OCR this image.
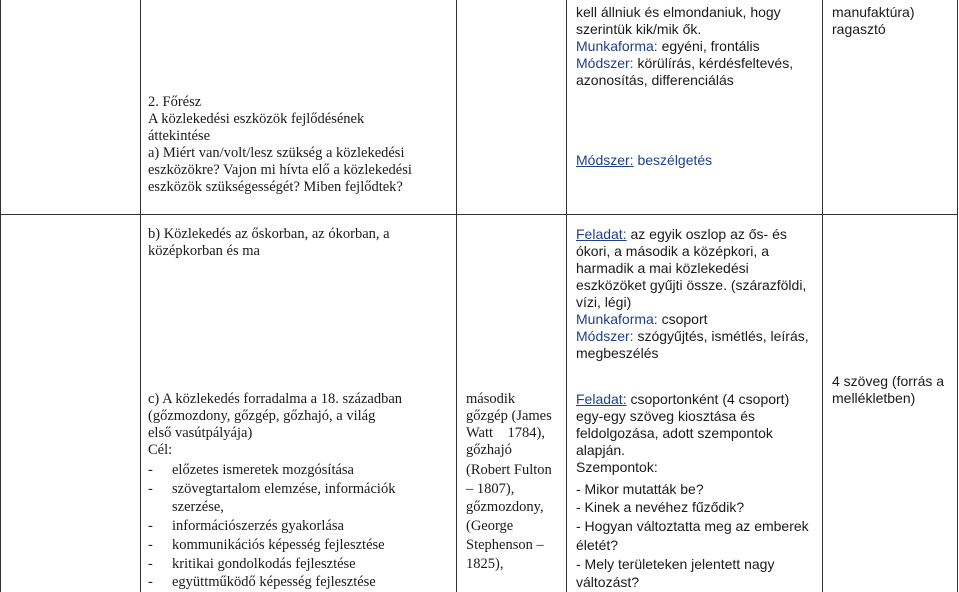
2. Főrész
A közlekedési eszközök fejlődésének
áttekintése
a) Miért van/volt/lesz szükség a közlekedési
eszközökre? Vajon mi hívta elő a közlekedési
eszközök szükségességét? Miben fejlődtek?
kell állniuk és elmondaniuk, hogy
szerintük kik/mik ők.
Munkaforma: egyéni, frontális
Módszer: körülírás, kérdésfeltevés,
azonosítás, differenciálás
Módszer: beszélgetés
manufaktúra)
ragasztó
b) Közlekedés az őskorban, az ókorban, a
középkorban és ma
Feladat: az egyik oszlop az ős- és
ókori, a második a középkori, a
harmadik a mai közlekedési
eszközöket gyűjti össze. (szárazföldi,
vízi, légi)
Munkaforma: csoport
Módszer: szógyűjtés, ismétlés, leírás,
megbeszélés
c) A közlekedés forradalma a 18. században
(gőzmozdony, gőzgép, gőzhajó, a világ
első vasútpályája)
Cél:
- előzetes ismeretek mozgósítása
- szövegtartalom elemzése, információk
szerzése,
- információszerzés gyakorlása
- kommunikációs képesség fejlesztése
- kritikai gondolkodás fejlesztése
- együttműködő képesség fejlesztése
második
gőzgép (James
Watt    1784),
gőzhajó
(Robert Fulton
– 1807),
gőzmozdony,
(George
Stephenson –
1825),
Feladat: csoportonként (4 csoport)
egy-egy szöveg kiosztása és
feldolgozása, adott szempontok
alapján.
Szempontok:
- Mikor mutatták be?
- Kinek a nevéhez fűződik?
- Hogyan változtatta meg az emberek
életét?
- Mely területeken jelentett nagy
változást?
4 szöveg (forrás a
mellékletben)
